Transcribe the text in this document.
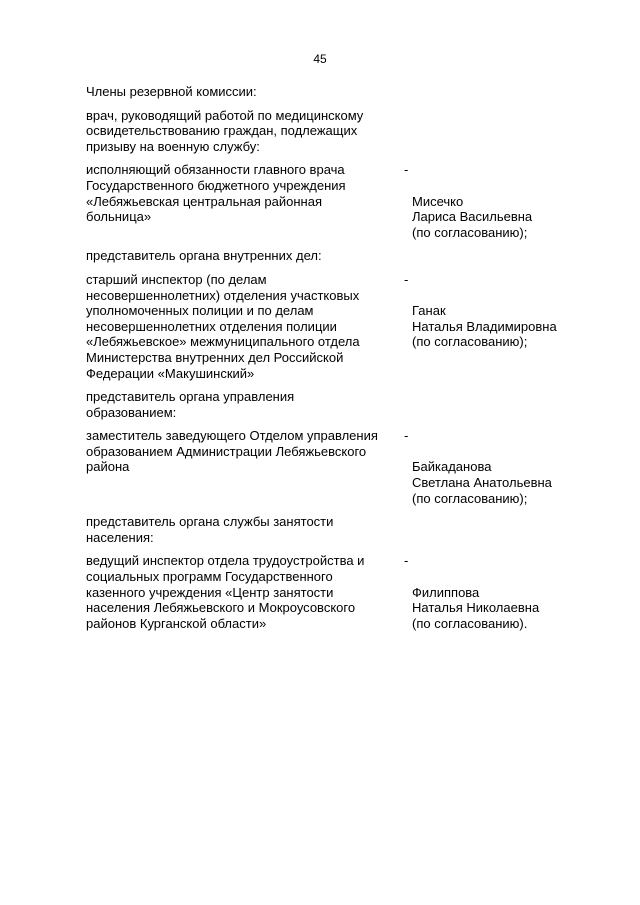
45
Члены резервной комиссии:
врач, руководящий работой по медицинскому
освидетельствованию граждан, подлежащих
призыву на военную службу:
исполняющий обязанности главного врача
Государственного бюджетного учреждения
«Лебяжьевская центральная районная
больница»

-

Мисечко
Лариса Васильевна
(по согласованию);

представитель органа внутренних дел:
старший инспектор (по делам
несовершеннолетних) отделения участковых
уполномоченных полиции и по делам
несовершеннолетних отделения полиции
«Лебяжьевское» межмуниципального отдела
Министерства внутренних дел Российской
Федерации «Макушинский»

-

Ганак
Наталья Владимировна
(по согласованию);

представитель органа управления
образованием:
заместитель заведующего Отделом управления
образованием Администрации Лебяжьевского
района

-

Байкаданова
Светлана Анатольевна
(по согласованию);

представитель органа службы занятости
населения:
ведущий инспектор отдела трудоустройства и
социальных программ Государственного
казенного учреждения «Центр занятости
населения Лебяжьевского и Мокроусовского
районов Курганской области»

-

Филиппова
Наталья Николаевна
(по согласованию).
